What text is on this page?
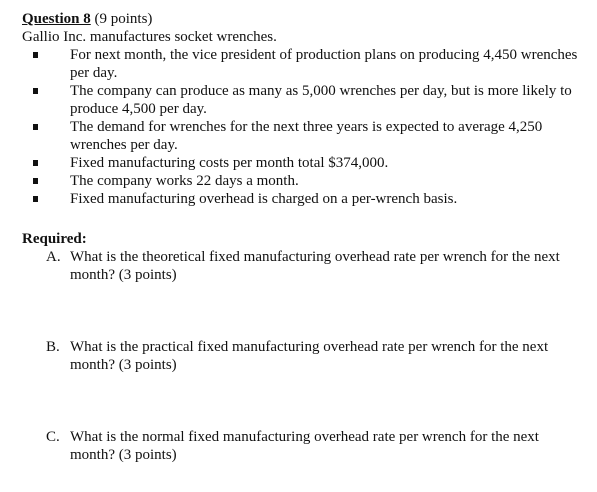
Question 8 (9 points)

Gallio Inc. manufactures socket wrenches.

For next month, the vice president of production plans on producing 4,450 wrenches per day.
The company can produce as many as 5,000 wrenches per day, but is more likely to produce 4,500 per day.
The demand for wrenches for the next three years is expected to average 4,250 wrenches per day.
Fixed manufacturing costs per month total $374,000.
The company works 22 days a month.
Fixed manufacturing overhead is charged on a per-wrench basis.

Required:

A. What is the theoretical fixed manufacturing overhead rate per wrench for the next month? (3 points)

B. What is the practical fixed manufacturing overhead rate per wrench for the next month? (3 points)

C. What is the normal fixed manufacturing overhead rate per wrench for the next month? (3 points)
